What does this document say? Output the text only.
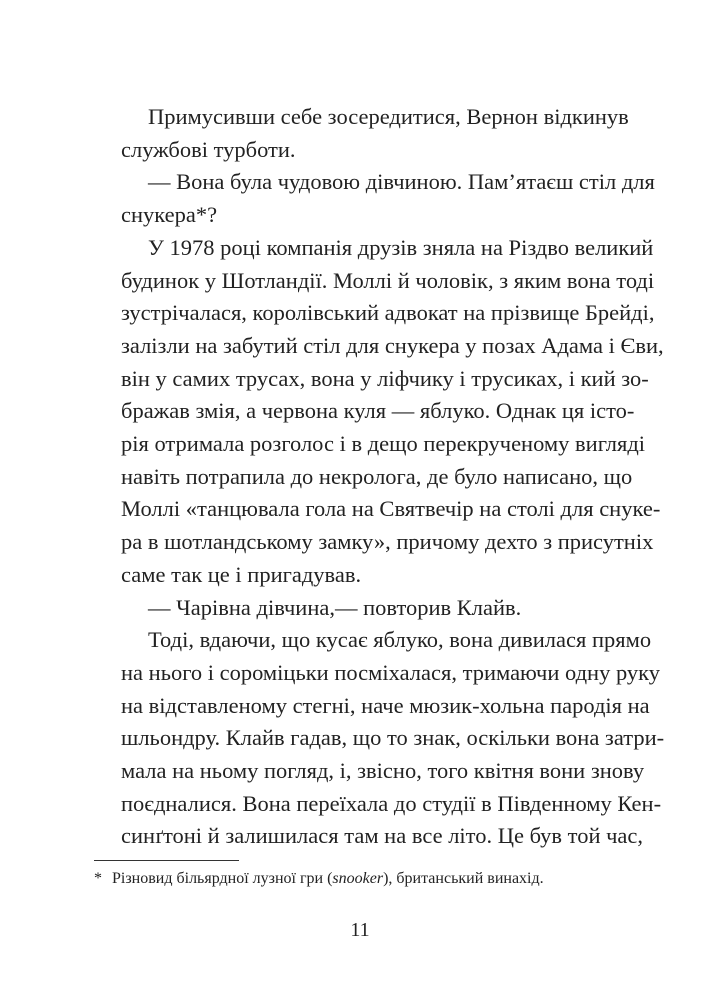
Примусивши себе зосередитися, Вернон відкинув
службові турботи.
— Вона була чудовою дівчиною. Пам’ятаєш стіл для
снукера*?
У 1978 році компанія друзів зняла на Різдво великий
будинок у Шотландії. Моллі й чоловік, з яким вона тоді
зустрічалася, королівський адвокат на прізвище Брейді,
залізли на забутий стіл для снукера у позах Адама і Єви,
він у самих трусах, вона у ліфчику і трусиках, і кий зо-
бражав змія, а червона куля — яблуко. Однак ця істо-
рія отримала розголос і в дещо перекрученому вигляді
навіть потрапила до некролога, де було написано, що
Моллі «танцювала гола на Святвечір на столі для снуке-
ра в шотландському замку», причому дехто з присутніх
саме так це і пригадував.
— Чарівна дівчина,— повторив Клайв.
Тоді, вдаючи, що кусає яблуко, вона дивилася прямо
на нього і сороміцьки посміхалася, тримаючи одну руку
на відставленому стегні, наче мюзик-хольна пародія на
шльондру. Клайв гадав, що то знак, оскільки вона затри-
мала на ньому погляд, і, звісно, того квітня вони знову
поєдналися. Вона переїхала до студії в Південному Кен-
синґтоні й залишилася там на все літо. Це був той час,
* Різновид більярдної лузної гри (snooker), британський винахід.
11
